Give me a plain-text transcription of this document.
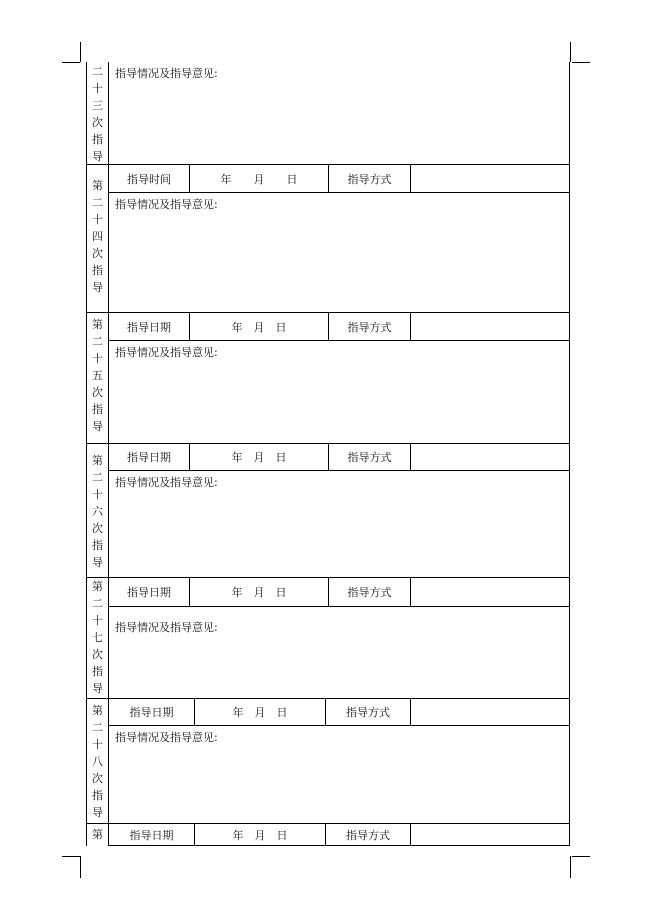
二
十
三
次
指
导
指导情况及指导意见:
第
二
十
四
次
指
导
指导时间	年　　月　　日	指导方式
指导情况及指导意见:
第
二
十
五
次
指
导
指导日期	年　月　日	指导方式
指导情况及指导意见:
第
二
十
六
次
指
导
指导日期	年　月　日	指导方式
指导情况及指导意见:
第
二
十
七
次
指
导
指导日期	年　月　日	指导方式
指导情况及指导意见:
第
二
十
八
次
指
导
指导日期	年　月　日	指导方式
指导情况及指导意见:
第	指导日期	年　月　日	指导方式
